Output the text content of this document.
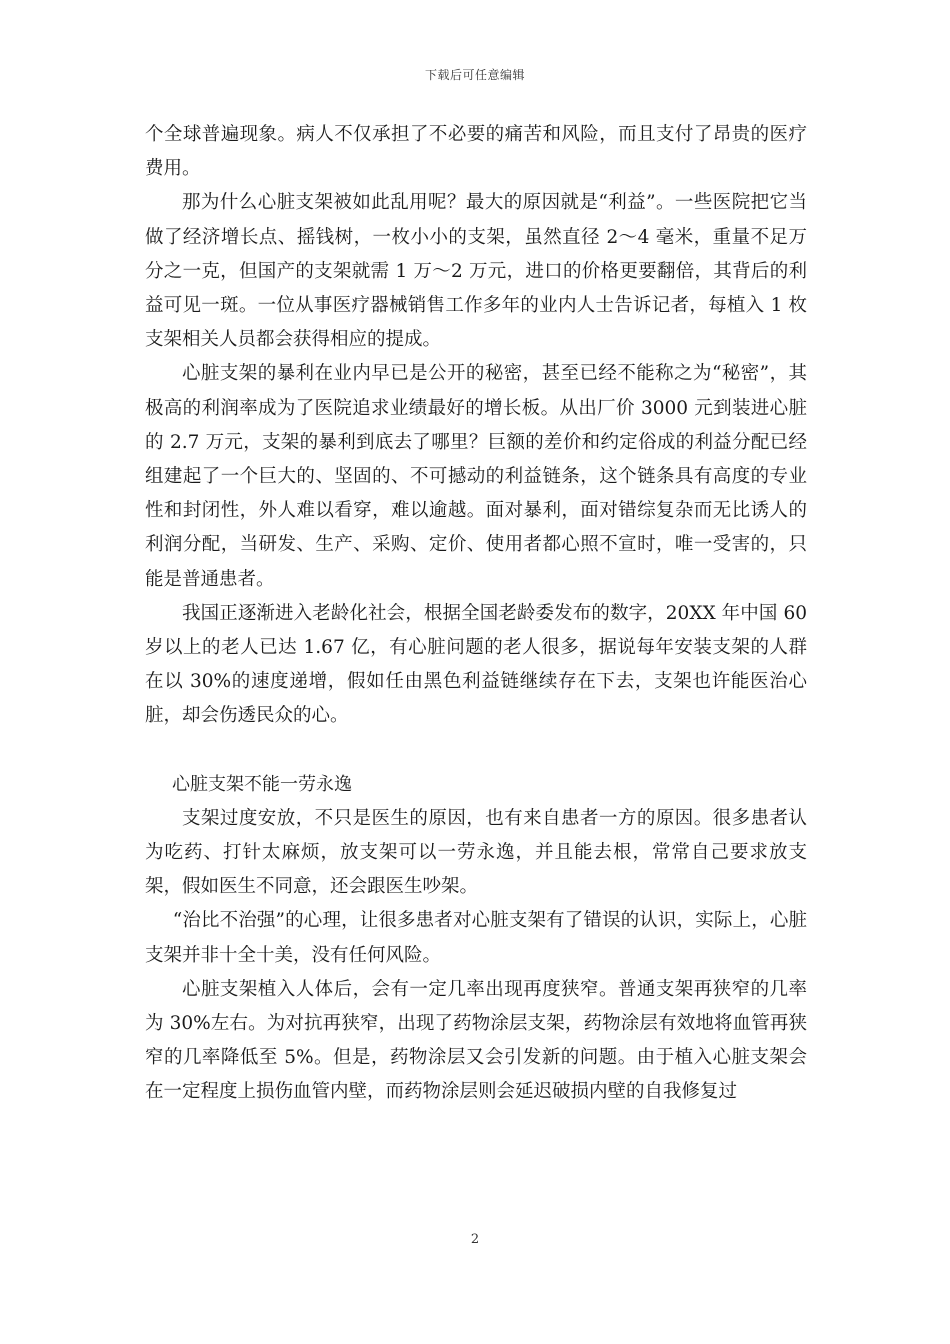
下载后可任意编辑

个全球普遍现象。病人不仅承担了不必要的痛苦和风险，而且支付了昂贵的医疗费用。

那为什么心脏支架被如此乱用呢？最大的原因就是“利益”。一些医院把它当做了经济增长点、摇钱树，一枚小小的支架，虽然直径 2～4 毫米，重量不足万分之一克，但国产的支架就需 1 万～2 万元，进口的价格更要翻倍，其背后的利益可见一斑。一位从事医疗器械销售工作多年的业内人士告诉记者，每植入 1 枚支架相关人员都会获得相应的提成。

心脏支架的暴利在业内早已是公开的秘密，甚至已经不能称之为“秘密”，其极高的利润率成为了医院追求业绩最好的增长板。从出厂价 3000 元到装进心脏的 2.7 万元，支架的暴利到底去了哪里？巨额的差价和约定俗成的利益分配已经组建起了一个巨大的、坚固的、不可撼动的利益链条，这个链条具有高度的专业性和封闭性，外人难以看穿，难以逾越。面对暴利，面对错综复杂而无比诱人的利润分配，当研发、生产、采购、定价、使用者都心照不宣时，唯一受害的，只能是普通患者。

我国正逐渐进入老龄化社会，根据全国老龄委发布的数字，20XX 年中国 60 岁以上的老人已达 1.67 亿，有心脏问题的老人很多，据说每年安装支架的人群在以 30%的速度递增，假如任由黑色利益链继续存在下去，支架也许能医治心脏，却会伤透民众的心。

心脏支架不能一劳永逸

支架过度安放，不只是医生的原因，也有来自患者一方的原因。很多患者认为吃药、打针太麻烦，放支架可以一劳永逸，并且能去根，常常自己要求放支架，假如医生不同意，还会跟医生吵架。

“治比不治强”的心理，让很多患者对心脏支架有了错误的认识，实际上，心脏支架并非十全十美，没有任何风险。

心脏支架植入人体后，会有一定几率出现再度狭窄。普通支架再狭窄的几率为 30%左右。为对抗再狭窄，出现了药物涂层支架，药物涂层有效地将血管再狭窄的几率降低至 5%。但是，药物涂层又会引发新的问题。由于植入心脏支架会在一定程度上损伤血管内壁，而药物涂层则会延迟破损内壁的自我修复过

2
